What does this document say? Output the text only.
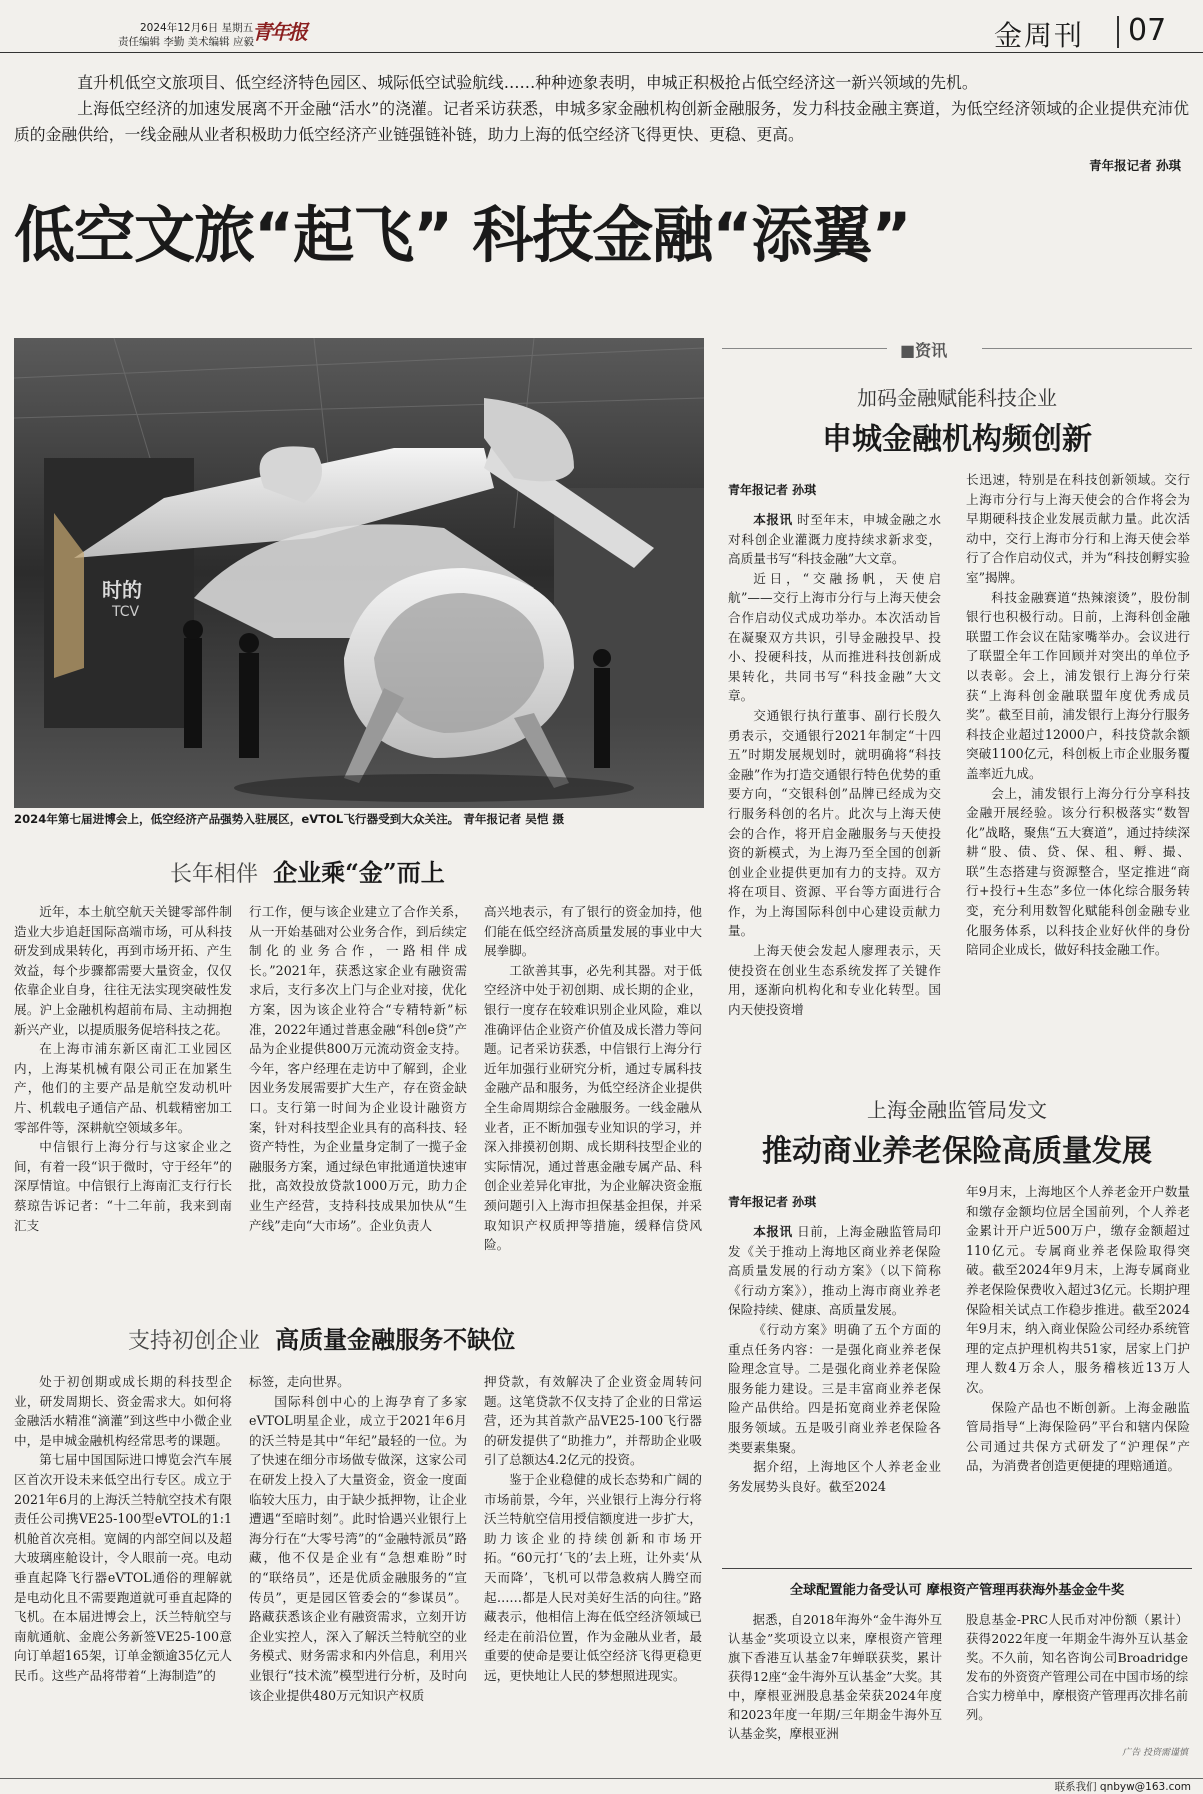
2024年12月6日 星期五
责任编辑 李勤 美术编辑 应毅
青年报	金周刊 07

直升机低空文旅项目、低空经济特色园区、城际低空试验航线……种种迹象表明，申城正积极抢占低空经济这一新兴领域的先机。

上海低空经济的加速发展离不开金融“活水”的浇灌。记者采访获悉，申城多家金融机构创新金融服务，发力科技金融主赛道，为低空经济领域的企业提供充沛优质的金融供给，一线金融从业者积极助力低空经济产业链强链补链，助力上海的低空经济飞得更快、更稳、更高。

青年报记者 孙琪
低空文旅“起飞” 科技金融“添翼”
时的
TCV
2024年第七届进博会上，低空经济产品强势入驻展区，eVTOL飞行器受到大众关注。 青年报记者 吴恺 摄
长年相伴 企业乘“金”而上

近年，本土航空航天关键零部件制造业大步追赶国际高端市场，可从科技研发到成果转化，再到市场开拓、产生效益，每个步骤都需要大量资金，仅仅依靠企业自身，往往无法实现突破性发展。沪上金融机构超前布局、主动拥抱新兴产业，以提质服务促培科技之花。

在上海市浦东新区南汇工业园区内，上海某机械有限公司正在加紧生产，他们的主要产品是航空发动机叶片、机载电子通信产品、机载精密加工零部件等，深耕航空领域多年。

中信银行上海分行与这家企业之间，有着一段“识于微时，守于经年”的深厚情谊。中信银行上海南汇支行行长蔡琼告诉记者：“十二年前，我来到南汇支

行工作，便与该企业建立了合作关系，从一开始基础对公业务合作，到后续定制化的业务合作，一路相伴成长。”2021年，获悉这家企业有融资需求后，支行多次上门与企业对接，优化方案，因为该企业符合“专精特新”标准，2022年通过普惠金融“科创e贷”产品为企业提供800万元流动资金支持。今年，客户经理在走访中了解到，企业因业务发展需要扩大生产，存在资金缺口。支行第一时间为企业设计融资方案，针对科技型企业具有的高科技、轻资产特性，为企业量身定制了一揽子金融服务方案，通过绿色审批通道快速审批，高效投放贷款1000万元，助力企业生产经营，支持科技成果加快从“生产线”走向“大市场”。企业负责人

高兴地表示，有了银行的资金加持，他们能在低空经济高质量发展的事业中大展拳脚。

工欲善其事，必先利其器。对于低空经济中处于初创期、成长期的企业，银行一度存在较难识别企业风险，难以准确评估企业资产价值及成长潜力等问题。记者采访获悉，中信银行上海分行近年加强行业研究分析，通过专属科技金融产品和服务，为低空经济企业提供全生命周期综合金融服务。一线金融从业者，正不断加强专业知识的学习，并深入排摸初创期、成长期科技型企业的实际情况，通过普惠金融专属产品、科创企业差异化审批，为企业解决资金瓶颈问题引入上海市担保基金担保，并采取知识产权质押等措施，缓释信贷风险。

支持初创企业 高质量金融服务不缺位

处于初创期或成长期的科技型企业，研发周期长、资金需求大。如何将金融活水精准“滴灌”到这些中小微企业中，是申城金融机构经常思考的课题。

第七届中国国际进口博览会汽车展区首次开设未来低空出行专区。成立于2021年6月的上海沃兰特航空技术有限责任公司携VE25-100型eVTOL的1:1机舱首次亮相。宽阔的内部空间以及超大玻璃座舱设计，令人眼前一亮。电动垂直起降飞行器eVTOL通俗的理解就是电动化且不需要跑道就可垂直起降的飞机。在本届进博会上，沃兰特航空与南航通航、金鹿公务新签VE25-100意向订单超165架，订单金额逾35亿元人民币。这些产品将带着“上海制造”的

标签，走向世界。

国际科创中心的上海孕育了多家eVTOL明星企业，成立于2021年6月的沃兰特是其中“年纪”最轻的一位。为了快速在细分市场做专做深，这家公司在研发上投入了大量资金，资金一度面临较大压力，由于缺少抵押物，让企业遭遇“至暗时刻”。此时恰遇兴业银行上海分行在“大零号湾”的“金融特派员”路藏，他不仅是企业有“急想难盼”时的“联络员”，还是优质金融服务的“宣传员”，更是园区管委会的“参谋员”。路藏获悉该企业有融资需求，立刻开访企业实控人，深入了解沃兰特航空的业务模式、财务需求和内外信息，利用兴业银行“技术流”模型进行分析，及时向该企业提供480万元知识产权质

押贷款，有效解决了企业资金周转问题。这笔贷款不仅支持了企业的日常运营，还为其首款产品VE25-100飞行器的研发提供了“助推力”，并帮助企业吸引了总额达4.2亿元的投资。

鉴于企业稳健的成长态势和广阔的市场前景，今年，兴业银行上海分行将沃兰特航空信用授信额度进一步扩大，助力该企业的持续创新和市场开拓。“60元打‘飞的’去上班，让外卖‘从天而降’，飞机可以带急救病人腾空而起……都是人民对美好生活的向往。”路藏表示，他相信上海在低空经济领域已经走在前沿位置，作为金融从业者，最重要的使命是要让低空经济飞得更稳更远，更快地让人民的梦想照进现实。

■资讯
加码金融赋能科技企业
申城金融机构频创新
青年报记者 孙琪

本报讯 时至年末，申城金融之水对科创企业灌溉力度持续求新求变，高质量书写“科技金融”大文章。

近日，“交融扬帆，天使启航”——交行上海市分行与上海天使会合作启动仪式成功举办。本次活动旨在凝聚双方共识，引导金融投早、投小、投硬科技，从而推进科技创新成果转化，共同书写“科技金融”大文章。

交通银行执行董事、副行长殷久勇表示，交通银行2021年制定“十四五”时期发展规划时，就明确将“科技金融”作为打造交通银行特色优势的重要方向，“交银科创”品牌已经成为交行服务科创的名片。此次与上海天使会的合作，将开启金融服务与天使投资的新模式，为上海乃至全国的创新创业企业提供更加有力的支持。双方将在项目、资源、平台等方面进行合作，为上海国际科创中心建设贡献力量。

上海天使会发起人廖理表示，天使投资在创业生态系统发挥了关键作用，逐渐向机构化和专业化转型。国内天使投资增

长迅速，特别是在科技创新领域。交行上海市分行与上海天使会的合作将会为早期硬科技企业发展贡献力量。此次活动中，交行上海市分行和上海天使会举行了合作启动仪式，并为“科技创孵实验室”揭牌。

科技金融赛道“热辣滚烫”，股份制银行也积极行动。日前，上海科创金融联盟工作会议在陆家嘴举办。会议进行了联盟全年工作回顾并对突出的单位予以表彰。会上，浦发银行上海分行荣获“上海科创金融联盟年度优秀成员奖”。截至目前，浦发银行上海分行服务科技企业超过12000户，科技贷款余额突破1100亿元，科创板上市企业服务覆盖率近九成。

会上，浦发银行上海分行分享科技金融开展经验。该分行积极落实“数智化”战略，聚焦“五大赛道”，通过持续深耕“股、债、贷、保、租、孵、撮、联”生态搭建与资源整合，坚定推进“商行+投行+生态”多位一体化综合服务转变，充分利用数智化赋能科创金融专业化服务体系，以科技企业好伙伴的身份陪同企业成长，做好科技金融工作。

上海金融监管局发文
推动商业养老保险高质量发展
青年报记者 孙琪

本报讯 日前，上海金融监管局印发《关于推动上海地区商业养老保险高质量发展的行动方案》（以下简称《行动方案》），推动上海市商业养老保险持续、健康、高质量发展。

《行动方案》明确了五个方面的重点任务内容：一是强化商业养老保险理念宣导。二是强化商业养老保险服务能力建设。三是丰富商业养老保险产品供给。四是拓宽商业养老保险服务领域。五是吸引商业养老保险各类要素集聚。

据介绍，上海地区个人养老金业务发展势头良好。截至2024

年9月末，上海地区个人养老金开户数量和缴存金额均位居全国前列，个人养老金累计开户近500万户，缴存金额超过110亿元。专属商业养老保险取得突破。截至2024年9月末，上海专属商业养老保险保费收入超过3亿元。长期护理保险相关试点工作稳步推进。截至2024年9月末，纳入商业保险公司经办系统管理的定点护理机构共51家，居家上门护理人数4万余人，服务稽核近13万人次。

保险产品也不断创新。上海金融监管局指导“上海保险码”平台和辖内保险公司通过共保方式研发了“沪理保”产品，为消费者创造更便捷的理赔通道。

全球配置能力备受认可 摩根资产管理再获海外基金金牛奖

据悉，自2018年海外“金牛海外互认基金”奖项设立以来，摩根资产管理旗下香港互认基金7年蝉联获奖，累计获得12座“金牛海外互认基金”大奖。其中，摩根亚洲股息基金荣获2024年度和2023年度一年期/三年期金牛海外互认基金奖，摩根亚洲

股息基金-PRC人民币对冲份额（累计）获得2022年度一年期金牛海外互认基金奖。不久前，知名咨询公司Broadridge发布的外资资产管理公司在中国市场的综合实力榜单中，摩根资产管理再次排名前列。

广告 投资需谨慎
联系我们 qnbyw@163.com
